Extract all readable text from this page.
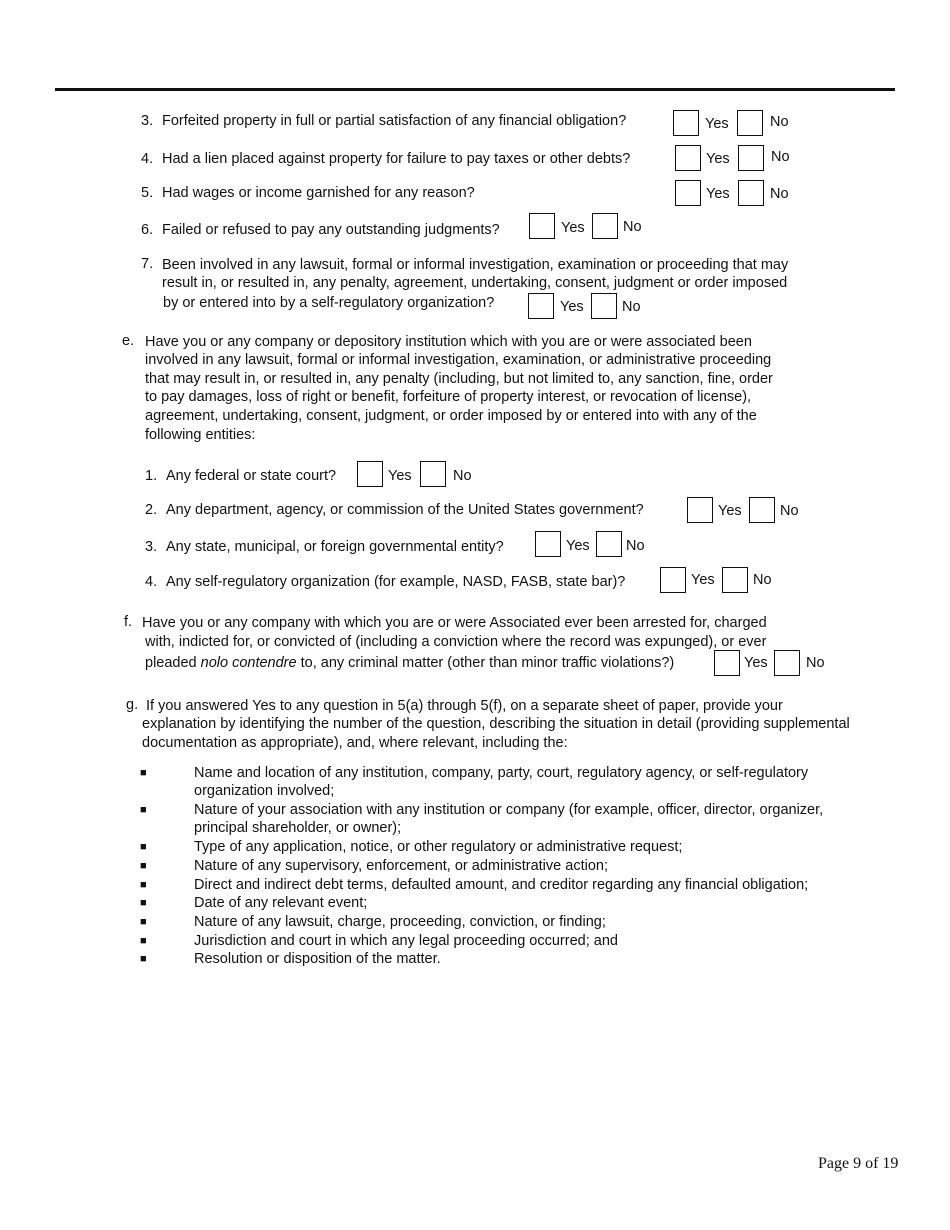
3. Forfeited property in full or partial satisfaction of any financial obligation?	Yes	No
4. Had a lien placed against property for failure to pay taxes or other debts?	Yes	No
5. Had wages or income garnished for any reason?	Yes	No
6. Failed or refused to pay any outstanding judgments?	Yes	No
7. Been involved in any lawsuit, formal or informal investigation, examination or proceeding that may
result in, or resulted in, any penalty, agreement, undertaking, consent, judgment or order imposed
by or entered into by a self-regulatory organization?	Yes	No
e. Have you or any company or depository institution which with you are or were associated been
involved in any lawsuit, formal or informal investigation, examination, or administrative proceeding
that may result in, or resulted in, any penalty (including, but not limited to, any sanction, fine, order
to pay damages, loss of right or benefit, forfeiture of property interest, or revocation of license),
agreement, undertaking, consent, judgment, or order imposed by or entered into with any of the
following entities:
1. Any federal or state court?	Yes	No
2. Any department, agency, or commission of the United States government?	Yes	No
3. Any state, municipal, or foreign governmental entity?	Yes	No
4. Any self-regulatory organization (for example, NASD, FASB, state bar)?	Yes	No
f. Have you or any company with which you are or were Associated ever been arrested for, charged
with, indicted for, or convicted of (including a conviction where the record was expunged), or ever
pleaded nolo contendre to, any criminal matter (other than minor traffic violations?)	Yes	No
g. If you answered Yes to any question in 5(a) through 5(f), on a separate sheet of paper, provide your
explanation by identifying the number of the question, describing the situation in detail (providing supplemental
documentation as appropriate), and, where relevant, including the:
■	Name and location of any institution, company, party, court, regulatory agency, or self-regulatory organization involved;
■	Nature of your association with any institution or company (for example, officer, director, organizer, principal shareholder, or owner);
■	Type of any application, notice, or other regulatory or administrative request;
■	Nature of any supervisory, enforcement, or administrative action;
■	Direct and indirect debt terms, defaulted amount, and creditor regarding any financial obligation;
■	Date of any relevant event;
■	Nature of any lawsuit, charge, proceeding, conviction, or finding;
■	Jurisdiction and court in which any legal proceeding occurred; and
■	Resolution or disposition of the matter.
Page 9 of 19
